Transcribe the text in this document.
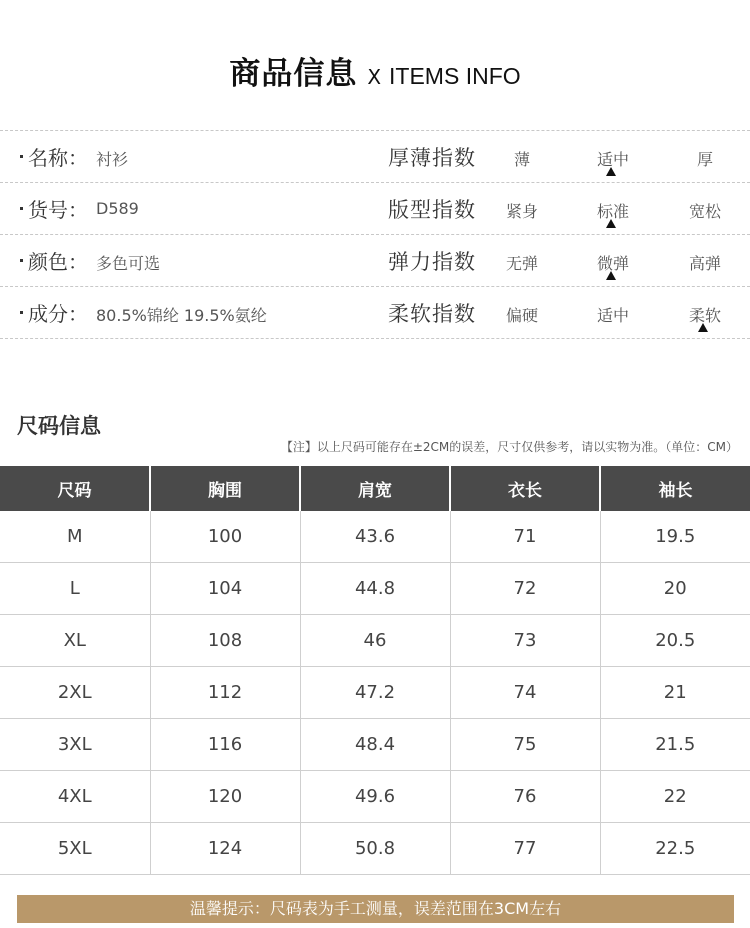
商品信息 X ITEMS INFO
名称： 衬衫	厚薄指数	薄	适中	厚
货号： D589	版型指数	紧身	标准	宽松
颜色： 多色可选	弹力指数	无弹	微弹	高弹
成分： 80.5%锦纶 19.5%氨纶	柔软指数	偏硬	适中	柔软
尺码信息
【注】以上尺码可能存在±2CM的误差，尺寸仅供参考，请以实物为准。（单位：CM）
尺码	胸围	肩宽	衣长	袖长
M	100	43.6	71	19.5
L	104	44.8	72	20
XL	108	46	73	20.5
2XL	112	47.2	74	21
3XL	116	48.4	75	21.5
4XL	120	49.6	76	22
5XL	124	50.8	77	22.5
温馨提示：尺码表为手工测量，误差范围在3CM左右
